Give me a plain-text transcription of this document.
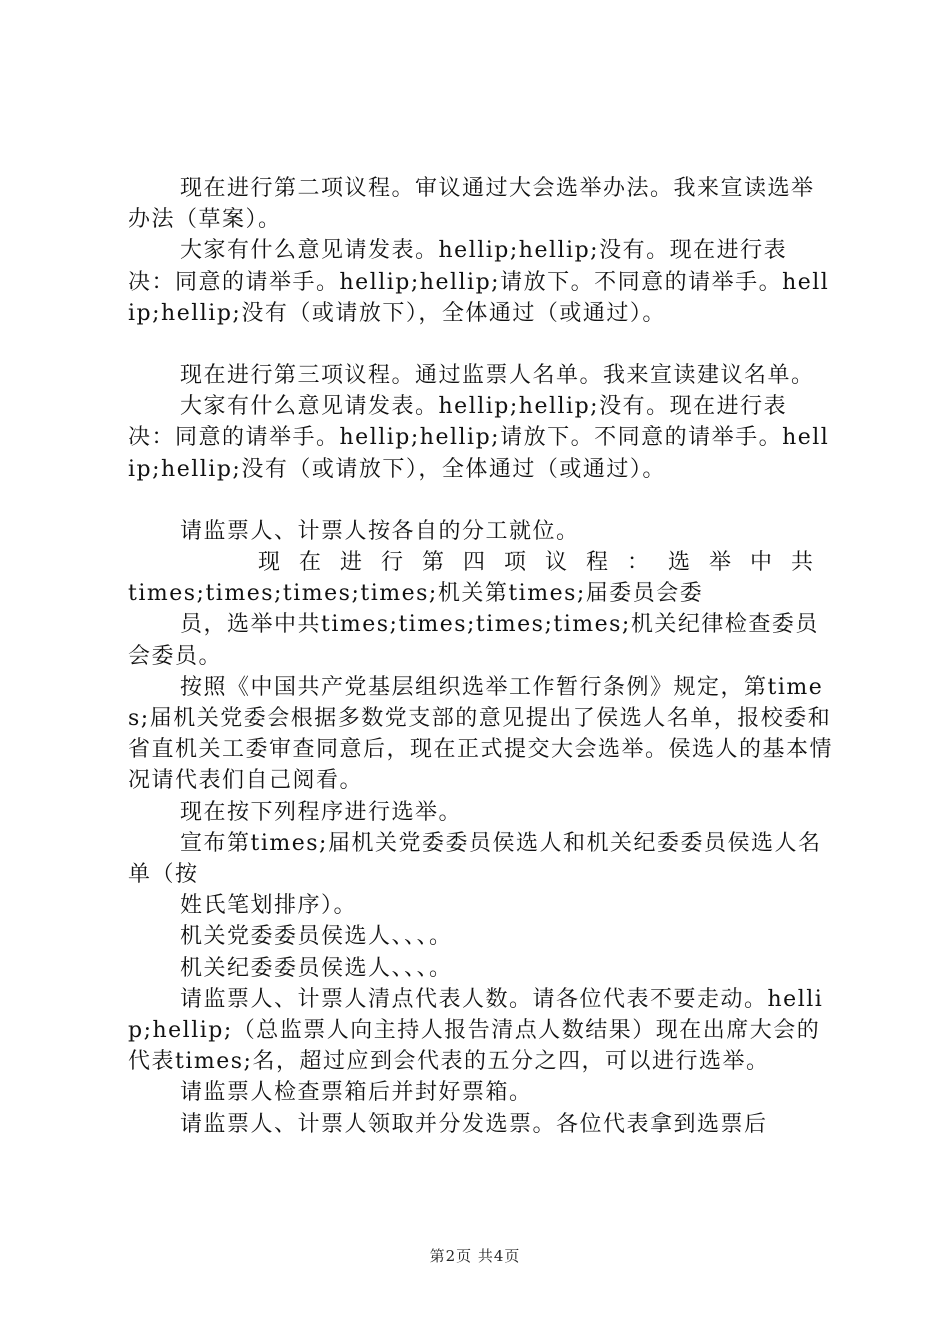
现在进行第二项议程。审议通过大会选举办法。我来宣读选举办法（草案）。

大家有什么意见请发表。hellip;hellip;没有。现在进行表决：同意的请举手。hellip;hellip;请放下。不同意的请举手。hellip;hellip;没有（或请放下），全体通过（或通过）。

现在进行第三项议程。通过监票人名单。我来宣读建议名单。

大家有什么意见请发表。hellip;hellip;没有。现在进行表决：同意的请举手。hellip;hellip;请放下。不同意的请举手。hellip;hellip;没有（或请放下），全体通过（或通过）。

请监票人、计票人按各自的分工就位。

现在进行第四项议程：选举中共

times;times;times;times;机关第times;届委员会委

员，选举中共times;times;times;times;机关纪律检查委员会委员。

按照《中国共产党基层组织选举工作暂行条例》规定，第times;届机关党委会根据多数党支部的意见提出了侯选人名单，报校委和省直机关工委审查同意后，现在正式提交大会选举。侯选人的基本情况请代表们自己阅看。

现在按下列程序进行选举。

宣布第times;届机关党委委员侯选人和机关纪委委员侯选人名单（按

姓氏笔划排序）。

机关党委委员侯选人、、、。

机关纪委委员侯选人、、、。

请监票人、计票人清点代表人数。请各位代表不要走动。hellip;hellip;（总监票人向主持人报告清点人数结果）现在出席大会的代表times;名，超过应到会代表的五分之四，可以进行选举。

请监票人检查票箱后并封好票箱。

请监票人、计票人领取并分发选票。各位代表拿到选票后

第2页 共4页
